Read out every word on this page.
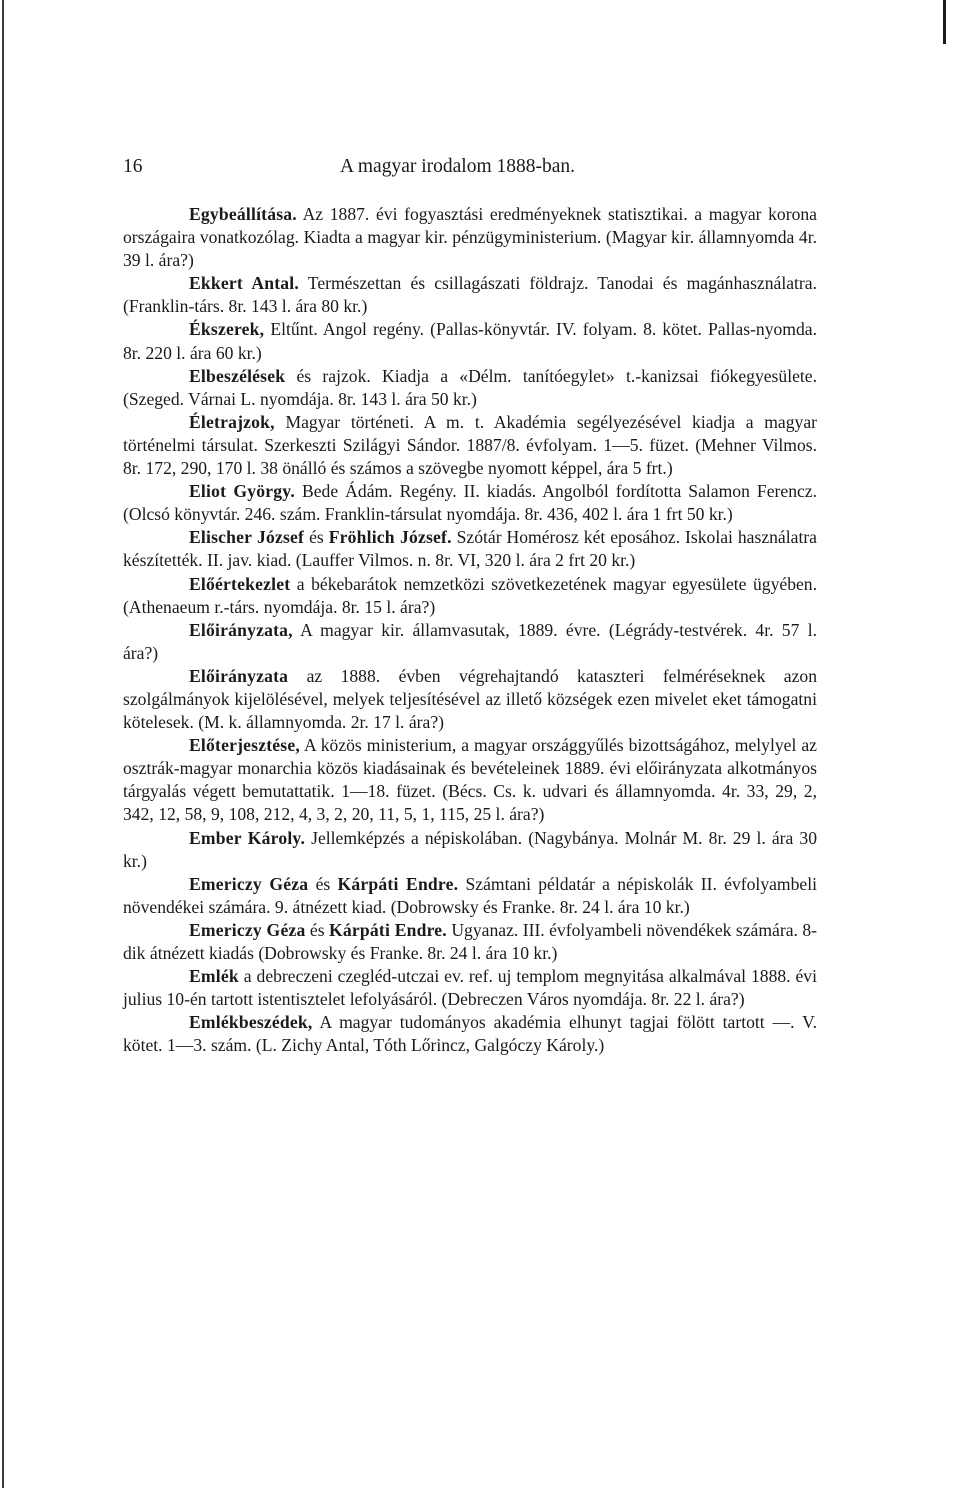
16	A magyar irodalom 1888-ban.

Egybeállítása. Az 1887. évi fogyasztási eredményeknek statisztikai. a magyar korona országaira vonatkozólag. Kiadta a magyar kir. pénzügyministerium. (Magyar kir. államnyomda 4r. 39 l. ára?)

Ekkert Antal. Természettan és csillagászati földrajz. Tanodai és magánhasználatra. (Franklin-társ. 8r. 143 l. ára 80 kr.)

Ékszerek, Eltűnt. Angol regény. (Pallas-könyvtár. IV. folyam. 8. kötet. Pallas-nyomda. 8r. 220 l. ára 60 kr.)

Elbeszélések és rajzok. Kiadja a «Délm. tanítóegylet» t.-kanizsai fiókegyesülete. (Szeged. Várnai L. nyomdája. 8r. 143 l. ára 50 kr.)

Életrajzok, Magyar történeti. A m. t. Akadémia segélyezésével kiadja a magyar történelmi társulat. Szerkeszti Szilágyi Sándor. 1887/8. évfolyam. 1—5. füzet. (Mehner Vilmos. 8r. 172, 290, 170 l. 38 önálló és számos a szövegbe nyomott képpel, ára 5 frt.)

Eliot György. Bede Ádám. Regény. II. kiadás. Angolból fordította Salamon Ferencz. (Olcsó könyvtár. 246. szám. Franklin-társulat nyomdája. 8r. 436, 402 l. ára 1 frt 50 kr.)

Elischer József és Fröhlich József. Szótár Homérosz két eposához. Iskolai használatra készítették. II. jav. kiad. (Lauffer Vilmos. n. 8r. VI, 320 l. ára 2 frt 20 kr.)

Előértekezlet a békebarátok nemzetközi szövetkezetének magyar egyesülete ügyében. (Athenaeum r.-társ. nyomdája. 8r. 15 l. ára?)

Előirányzata, A magyar kir. államvasutak, 1889. évre. (Légrády-testvérek. 4r. 57 l. ára?)

Előirányzata az 1888. évben végrehajtandó kataszteri felméréseknek azon szolgálmányok kijelölésével, melyek teljesítésével az illető községek ezen mivelet eket támogatni kötelesek. (M. k. államnyomda. 2r. 17 l. ára?)

Előterjesztése, A közös ministerium, a magyar országgyűlés bizottságához, melylyel az osztrák-magyar monarchia közös kiadásainak és bevételeinek 1889. évi előirányzata alkotmányos tárgyalás végett bemutattatik. 1—18. füzet. (Bécs. Cs. k. udvari és államnyomda. 4r. 33, 29, 2, 342, 12, 58, 9, 108, 212, 4, 3, 2, 20, 11, 5, 1, 115, 25 l. ára?)

Ember Károly. Jellemképzés a népiskolában. (Nagybánya. Molnár M. 8r. 29 l. ára 30 kr.)

Emericzy Géza és Kárpáti Endre. Számtani példatár a népiskolák II. évfolyambeli növendékei számára. 9. átnézett kiad. (Dobrowsky és Franke. 8r. 24 l. ára 10 kr.)

Emericzy Géza és Kárpáti Endre. Ugyanaz. III. évfolyambeli növendékek számára. 8-dik átnézett kiadás (Dobrowsky és Franke. 8r. 24 l. ára 10 kr.)

Emlék a debreczeni czegléd-utczai ev. ref. uj templom megnyitása alkalmával 1888. évi julius 10-én tartott istentisztelet lefolyásáról. (Debreczen Város nyomdája. 8r. 22 l. ára?)

Emlékbeszédek, A magyar tudományos akadémia elhunyt tagjai fölött tartott —. V. kötet. 1—3. szám. (L. Zichy Antal, Tóth Lőrincz, Galgóczy Károly.)
